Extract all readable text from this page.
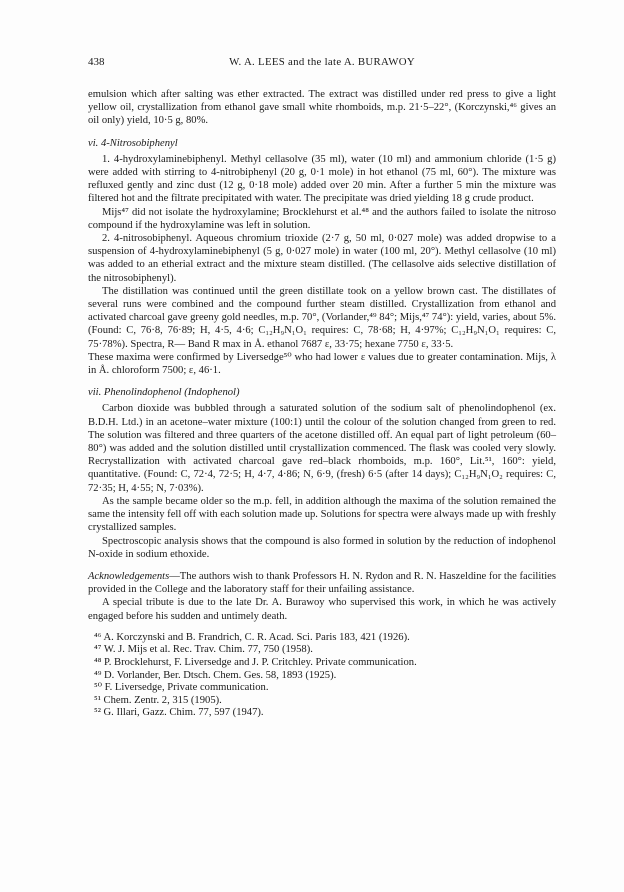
438	W. A. LEES and the late A. BURAWOY

emulsion which after salting was ether extracted. The extract was distilled under red press to give a light yellow oil, crystallization from ethanol gave small white rhomboids, m.p. 21·5–22°, (Korczynski,⁴⁶ gives an oil only) yield, 10·5 g, 80%.

vi. 4-Nitrosobiphenyl

1. 4-hydroxylaminebiphenyl. Methyl cellasolve (35 ml), water (10 ml) and ammonium chloride (1·5 g) were added with stirring to 4-nitrobiphenyl (20 g, 0·1 mole) in hot ethanol (75 ml, 60°). The mixture was refluxed gently and zinc dust (12 g, 0·18 mole) added over 20 min. After a further 5 min the mixture was filtered hot and the filtrate precipitated with water. The precipitate was dried yielding 18 g crude product.

Mijs⁴⁷ did not isolate the hydroxylamine; Brocklehurst et al.⁴⁸ and the authors failed to isolate the nitroso compound if the hydroxylamine was left in solution.

2. 4-nitrosobiphenyl. Aqueous chromium trioxide (2·7 g, 50 ml, 0·027 mole) was added dropwise to a suspension of 4-hydroxylaminebiphenyl (5 g, 0·027 mole) in water (100 ml, 20°). Methyl cellasolve (10 ml) was added to an etherial extract and the mixture steam distilled. (The cellasolve aids selective distillation of the nitrosobiphenyl).

The distillation was continued until the green distillate took on a yellow brown cast. The distillates of several runs were combined and the compound further steam distilled. Crystallization from ethanol and activated charcoal gave greeny gold needles, m.p. 70°, (Vorlander,⁴⁹ 84°; Mijs,⁴⁷ 74°): yield, varies, about 5%. (Found: C, 76·8, 76·89; H, 4·5, 4·6; C₁₂H₉N₁O₁ requires: C, 78·68; H, 4·97%; C₁₂H₉N₁O₁ requires: C, 75·78%). Spectra, R— Band R max in Å. ethanol 7687 ε, 33·75; hexane 7750 ε, 33·5.

These maxima were confirmed by Liversedge⁵⁰ who had lower ε values due to greater contamination. Mijs, λ in Å. chloroform 7500; ε, 46·1.

vii. Phenolindophenol (Indophenol)

Carbon dioxide was bubbled through a saturated solution of the sodium salt of phenolindophenol (ex. B.D.H. Ltd.) in an acetone–water mixture (100:1) until the colour of the solution changed from green to red. The solution was filtered and three quarters of the acetone distilled off. An equal part of light petroleum (60–80°) was added and the solution distilled until crystallization commenced. The flask was cooled very slowly. Recrystallization with activated charcoal gave red–black rhomboids, m.p. 160°, Lit.⁵¹, 160°: yield, quantitative. (Found: C, 72·4, 72·5; H, 4·7, 4·86; N, 6·9, (fresh) 6·5 (after 14 days); C₁₂H₉N₁O₂ requires: C, 72·35; H, 4·55; N, 7·03%).

As the sample became older so the m.p. fell, in addition although the maxima of the solution remained the same the intensity fell off with each solution made up. Solutions for spectra were always made up with freshly crystallized samples.

Spectroscopic analysis shows that the compound is also formed in solution by the reduction of indophenol N-oxide in sodium ethoxide.

Acknowledgements—The authors wish to thank Professors H. N. Rydon and R. N. Haszeldine for the facilities provided in the College and the laboratory staff for their unfailing assistance.

A special tribute is due to the late Dr. A. Burawoy who supervised this work, in which he was actively engaged before his sudden and untimely death.

⁴⁶ A. Korczynski and B. Frandrich, C. R. Acad. Sci. Paris 183, 421 (1926).

⁴⁷ W. J. Mijs et al. Rec. Trav. Chim. 77, 750 (1958).

⁴⁸ P. Brocklehurst, F. Liversedge and J. P. Critchley. Private communication.

⁴⁹ D. Vorlander, Ber. Dtsch. Chem. Ges. 58, 1893 (1925).

⁵⁰ F. Liversedge, Private communication.

⁵¹ Chem. Zentr. 2, 315 (1905).

⁵² G. Illari, Gazz. Chim. 77, 597 (1947).
